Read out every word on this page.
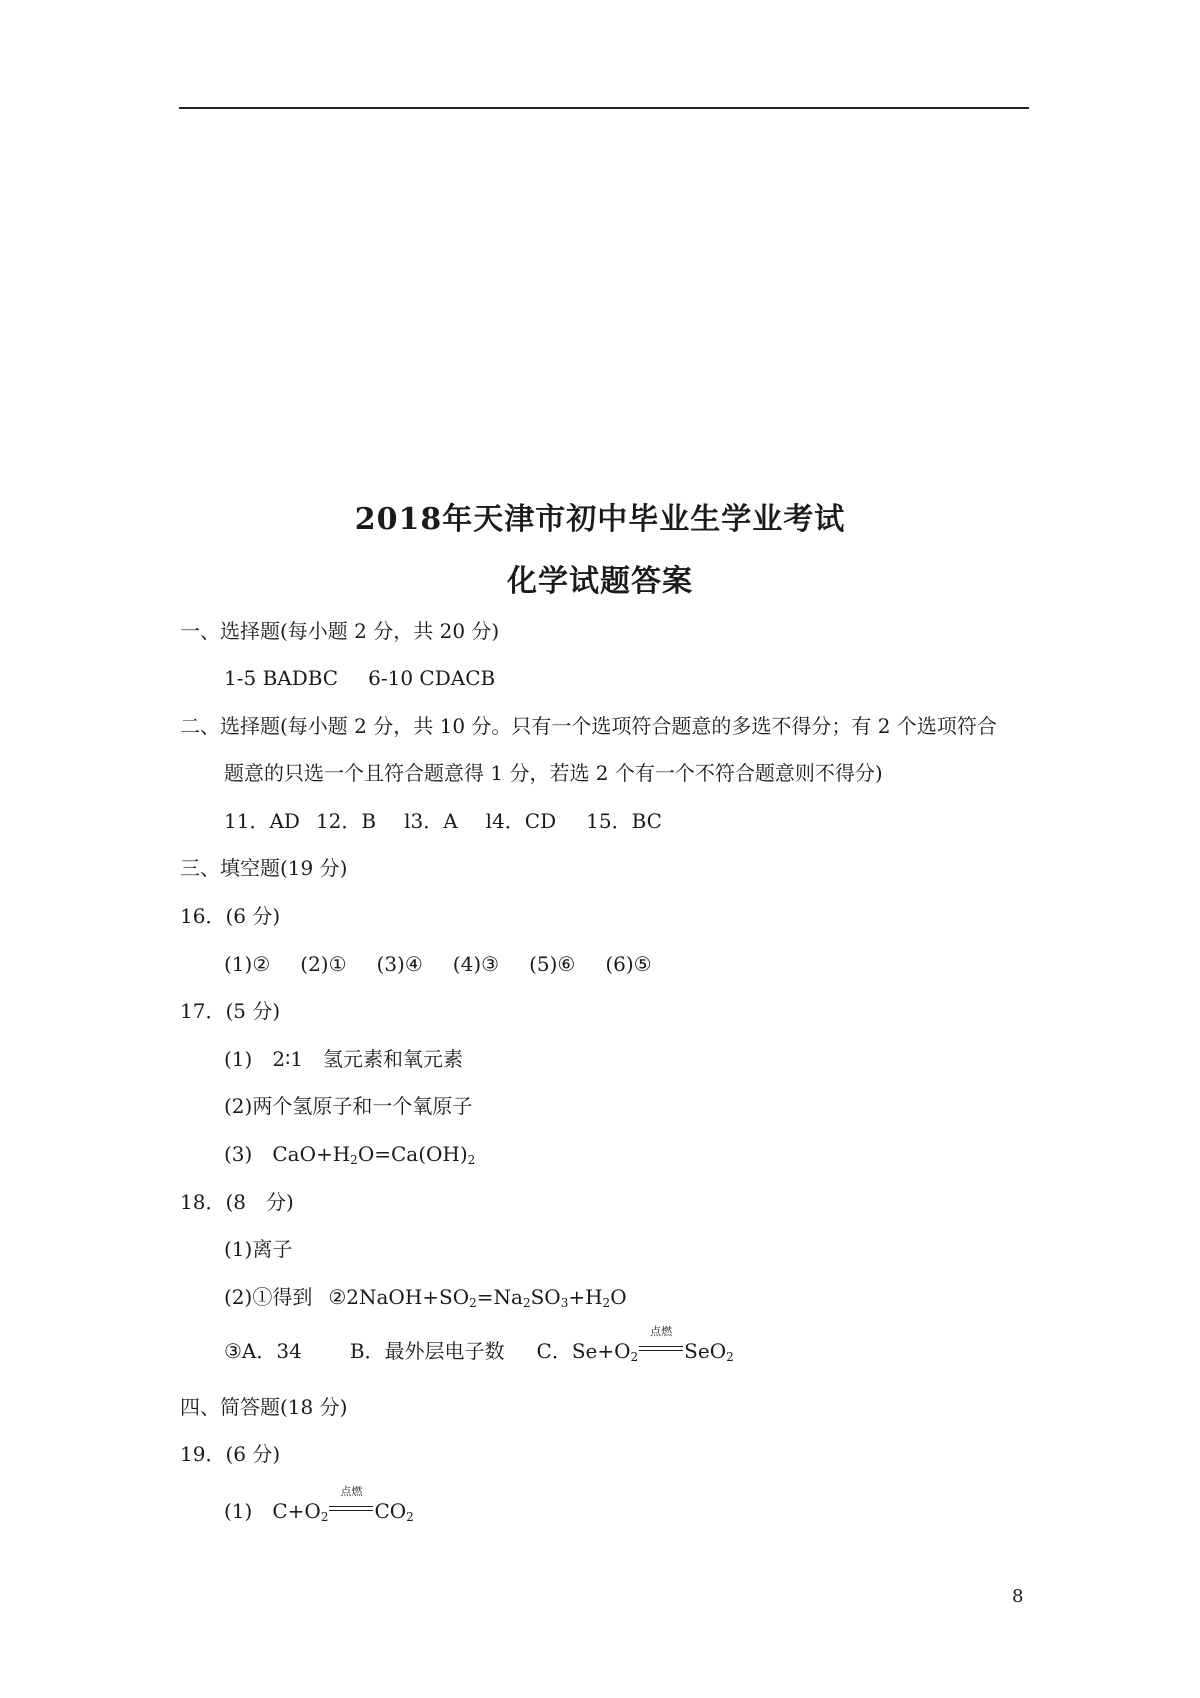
2018年天津市初中毕业生学业考试
化学试题答案
一、选择题(每小题 2 分，共 20 分)
1-5 BADBC 6-10 CDACB
二、选择题(每小题 2 分，共 10 分。只有一个选项符合题意的多选不得分；有 2 个选项符合
题意的只选一个且符合题意得 1 分，若选 2 个有一个不符合题意则不得分)
11．AD 12．B l3．A l4．CD 15．BC
三、填空题(19 分)
16．(6 分)
(1)② (2)① (3)④ (4)③ (5)⑥ (6)⑤
17．(5 分)
(1) 2∶1 氢元素和氧元素
(2)两个氢原子和一个氧原子
(3) $CaO+H_2O=Ca(OH)_2$
18．(8　分)
(1)离子
(2)①得到 $②2NaOH+SO_2=Na_2SO_3+H_2O$
③A．34 B．最外层电子数 C．$Se+O_2$
点燃
SeO$_2$
四、简答题(18 分)
19．(6 分)
(1) $C+O_2$
点燃
$CO_2$
8
